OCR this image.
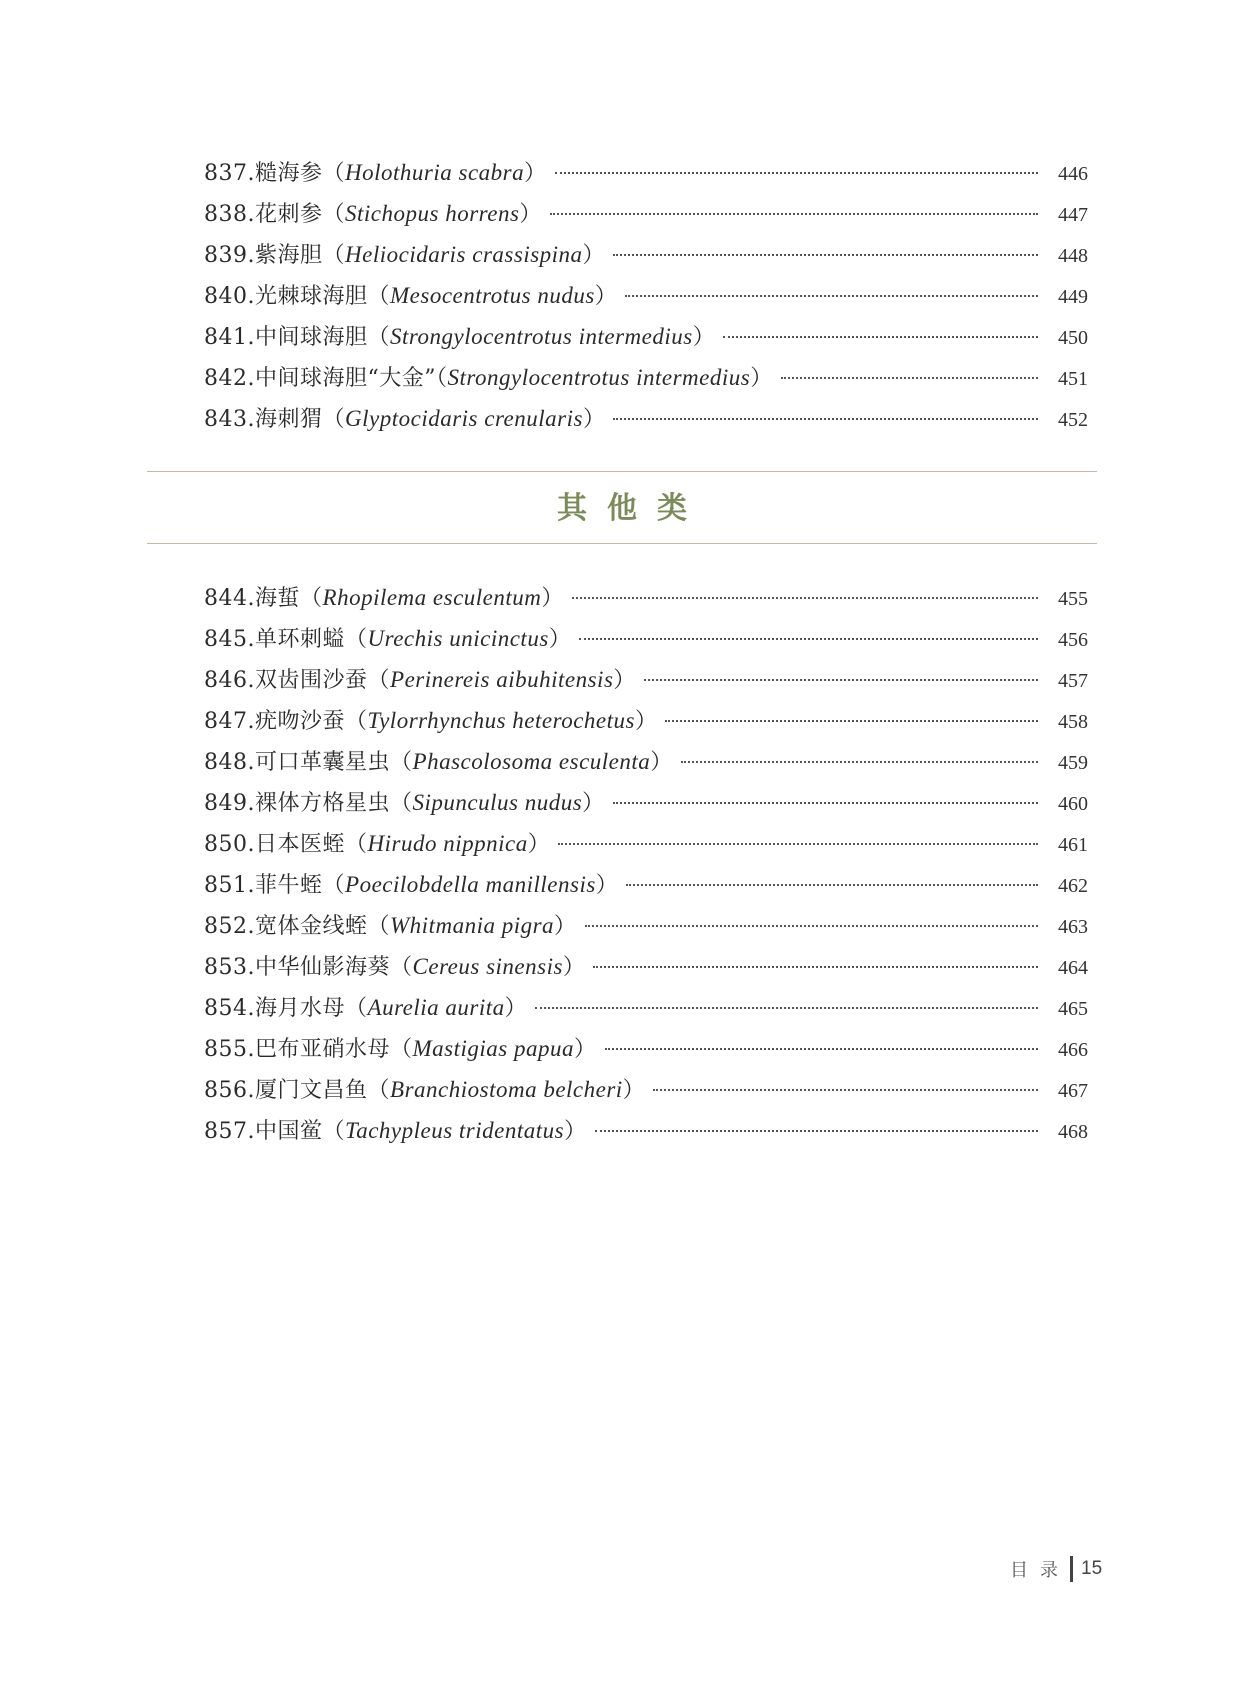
837.糙海参（Holothuria scabra）	446
838.花刺参（Stichopus horrens）	447
839.紫海胆（Heliocidaris crassispina）	448
840.光棘球海胆（Mesocentrotus nudus）	449
841.中间球海胆（Strongylocentrotus intermedius）	450
842.中间球海胆“大金”（Strongylocentrotus intermedius）	451
843.海刺猬（Glyptocidaris crenularis）	452
其他类
844.海蜇（Rhopilema esculentum）	455
845.单环刺螠（Urechis unicinctus）	456
846.双齿围沙蚕（Perinereis aibuhitensis）	457
847.疣吻沙蚕（Tylorrhynchus heterochetus）	458
848.可口革囊星虫（Phascolosoma esculenta）	459
849.裸体方格星虫（Sipunculus nudus）	460
850.日本医蛭（Hirudo nippnica）	461
851.菲牛蛭（Poecilobdella manillensis）	462
852.宽体金线蛭（Whitmania pigra）	463
853.中华仙影海葵（Cereus sinensis）	464
854.海月水母（Aurelia aurita）	465
855.巴布亚硝水母（Mastigias papua）	466
856.厦门文昌鱼（Branchiostoma belcheri）	467
857.中国鲎（Tachypleus tridentatus）	468
目录 15
